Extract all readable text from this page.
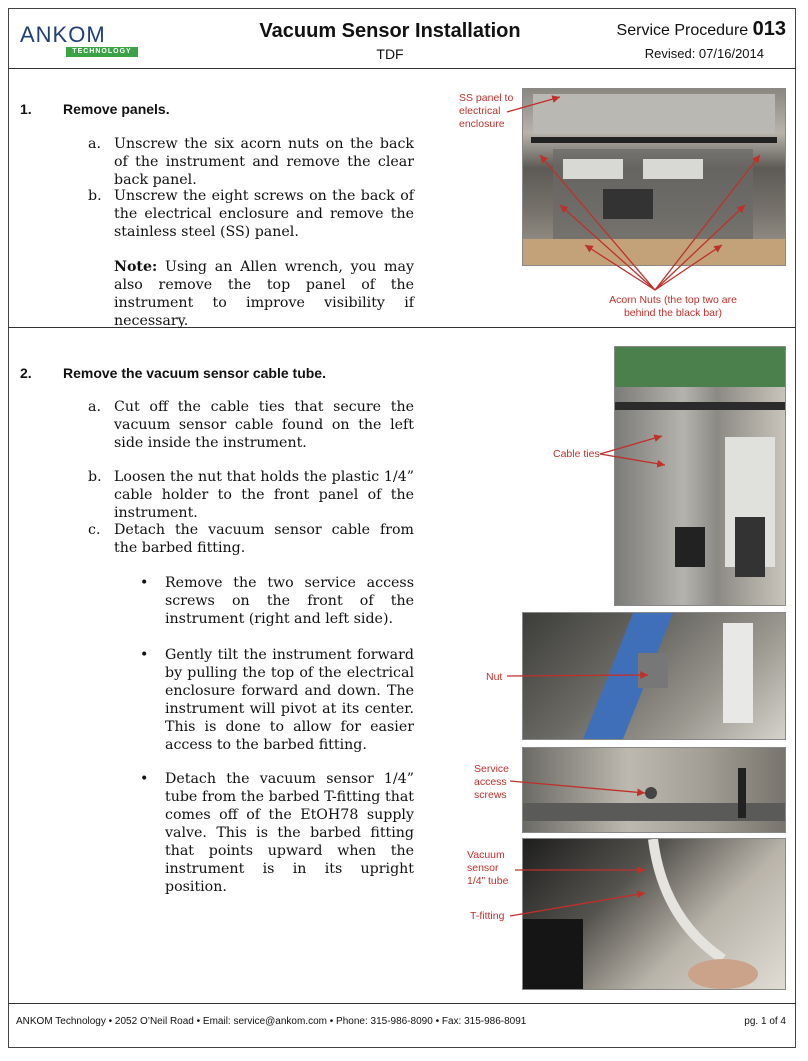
ANKOM
TECHNOLOGY
Vacuum Sensor Installation
TDF
Service Procedure 013
Revised: 07/16/2014
1. Remove panels.
a. Unscrew the six acorn nuts on the back of the instrument and remove the clear back panel.
b. Unscrew the eight screws on the back of the electrical enclosure and remove the stainless steel (SS) panel.
Note: Using an Allen wrench, you may also remove the top panel of the instrument to improve visibility if necessary.
2. Remove the vacuum sensor cable tube.
a. Cut off the cable ties that secure the vacuum sensor cable found on the left side inside the instrument.
b. Loosen the nut that holds the plastic 1/4” cable holder to the front panel of the instrument.
c. Detach the vacuum sensor cable from the barbed fitting.
• Remove the two service access screws on the front of the instrument (right and left side).
• Gently tilt the instrument forward by pulling the top of the electrical enclosure forward and down. The instrument will pivot at its center. This is done to allow for easier access to the barbed fitting.
• Detach the vacuum sensor 1/4” tube from the barbed T-fitting that comes off of the EtOH78 supply valve. This is the barbed fitting that points upward when the instrument is in its upright position.
SS panel to electrical enclosure
Acorn Nuts (the top two are behind the black bar)
Cable ties
Nut
Service access screws
Vacuum sensor 1/4” tube
T-fitting
ANKOM Technology • 2052 O’Neil Road • Email: service@ankom.com • Phone: 315-986-8090 • Fax: 315-986-8091	pg. 1 of 4
